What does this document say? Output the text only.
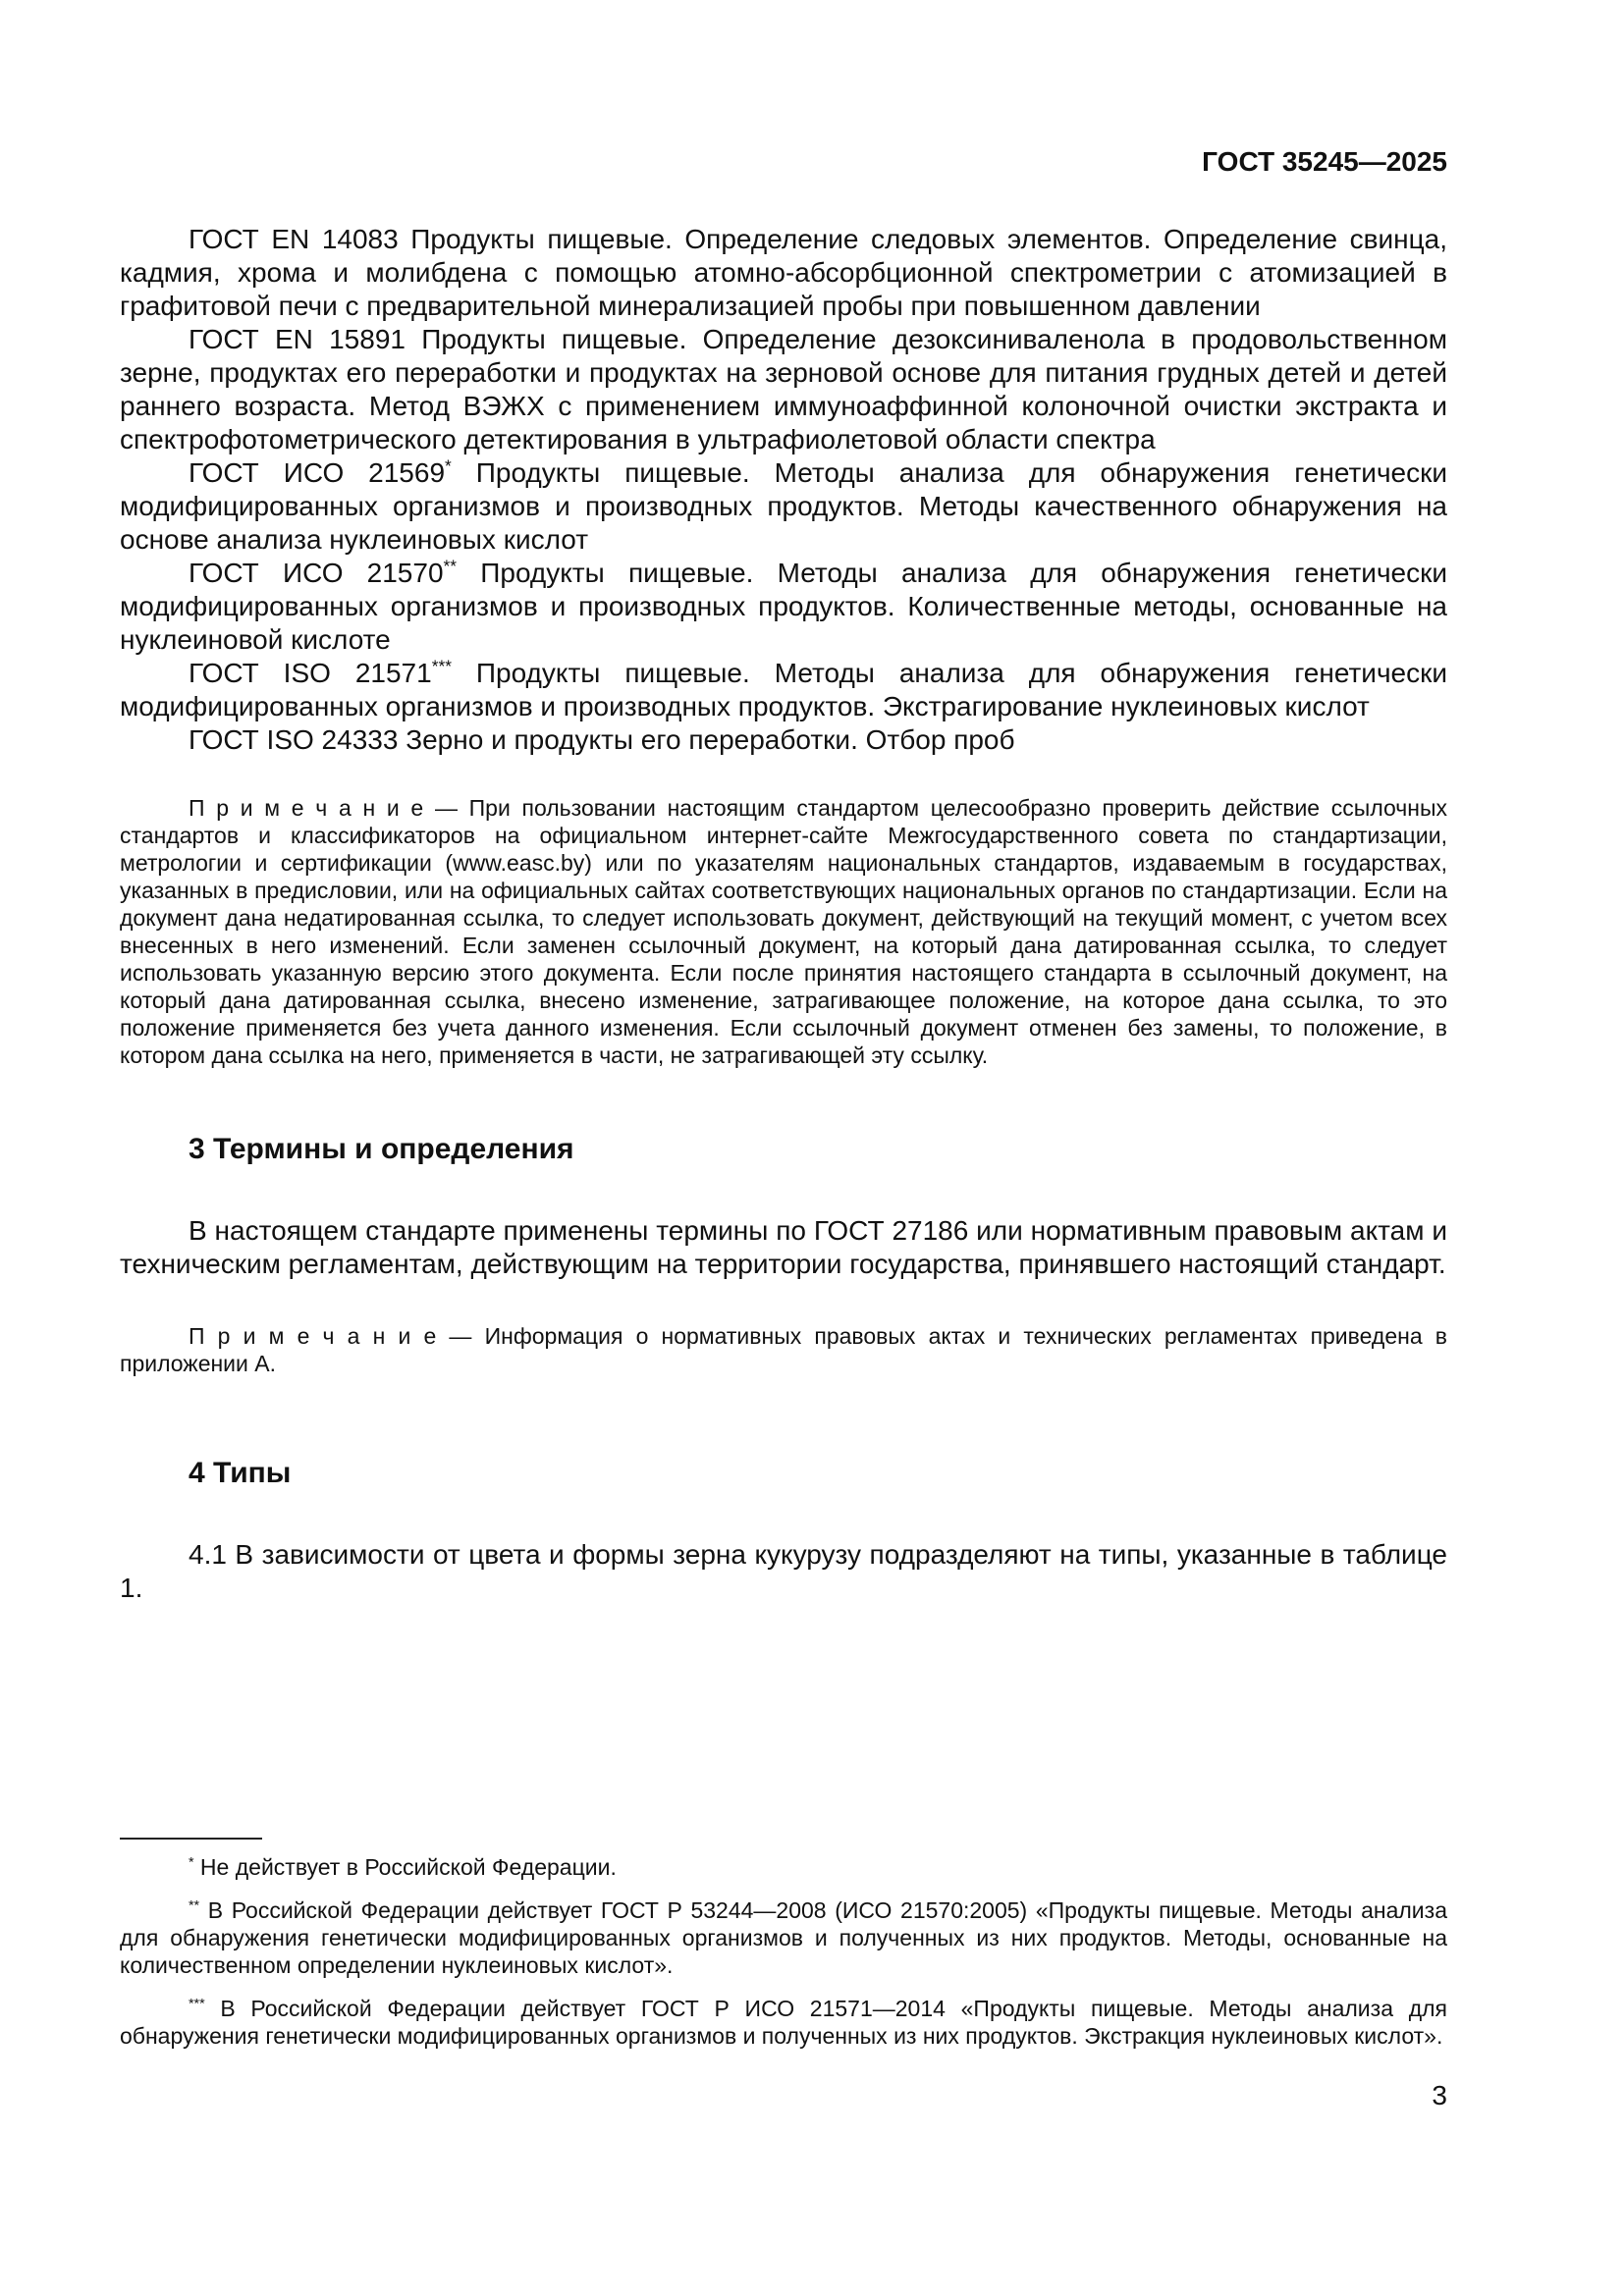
ГОСТ 35245—2025

ГОСТ EN 14083 Продукты пищевые. Определение следовых элементов. Определение свинца, кадмия, хрома и молибдена с помощью атомно-абсорбционной спектрометрии с атомизацией в графитовой печи с предварительной минерализацией пробы при повышенном давлении

ГОСТ EN 15891 Продукты пищевые. Определение дезоксиниваленола в продовольственном зерне, продуктах его переработки и продуктах на зерновой основе для питания грудных детей и детей раннего возраста. Метод ВЭЖХ с применением иммуноаффинной колоночной очистки экстракта и спектрофотометрического детектирования в ультрафиолетовой области спектра

ГОСТ ИСО 21569* Продукты пищевые. Методы анализа для обнаружения генетически модифицированных организмов и производных продуктов. Методы качественного обнаружения на основе анализа нуклеиновых кислот

ГОСТ ИСО 21570** Продукты пищевые. Методы анализа для обнаружения генетически модифицированных организмов и производных продуктов. Количественные методы, основанные на нуклеиновой кислоте

ГОСТ ISO 21571*** Продукты пищевые. Методы анализа для обнаружения генетически модифицированных организмов и производных продуктов. Экстрагирование нуклеиновых кислот

ГОСТ ISO 24333 Зерно и продукты его переработки. Отбор проб

П р и м е ч а н и е — При пользовании настоящим стандартом целесообразно проверить действие ссылочных стандартов и классификаторов на официальном интернет-сайте Межгосударственного совета по стандартизации, метрологии и сертификации (www.easc.by) или по указателям национальных стандартов, издаваемым в государствах, указанных в предисловии, или на официальных сайтах соответствующих национальных органов по стандартизации. Если на документ дана недатированная ссылка, то следует использовать документ, действующий на текущий момент, с учетом всех внесенных в него изменений. Если заменен ссылочный документ, на который дана датированная ссылка, то следует использовать указанную версию этого документа. Если после принятия настоящего стандарта в ссылочный документ, на который дана датированная ссылка, внесено изменение, затрагивающее положение, на которое дана ссылка, то это положение применяется без учета данного изменения. Если ссылочный документ отменен без замены, то положение, в котором дана ссылка на него, применяется в части, не затрагивающей эту ссылку.

3 Термины и определения

В настоящем стандарте применены термины по ГОСТ 27186 или нормативным правовым актам и техническим регламентам, действующим на территории государства, принявшего настоящий стандарт.

П р и м е ч а н и е — Информация о нормативных правовых актах и технических регламентах приведена в приложении А.

4 Типы

4.1 В зависимости от цвета и формы зерна кукурузу подразделяют на типы, указанные в таблице 1.

* Не действует в Российской Федерации.

** В Российской Федерации действует ГОСТ Р 53244—2008 (ИСО 21570:2005) «Продукты пищевые. Методы анализа для обнаружения генетически модифицированных организмов и полученных из них продуктов. Методы, основанные на количественном определении нуклеиновых кислот».

*** В Российской Федерации действует ГОСТ Р ИСО 21571—2014 «Продукты пищевые. Методы анализа для обнаружения генетически модифицированных организмов и полученных из них продуктов. Экстракция нуклеиновых кислот».

3
